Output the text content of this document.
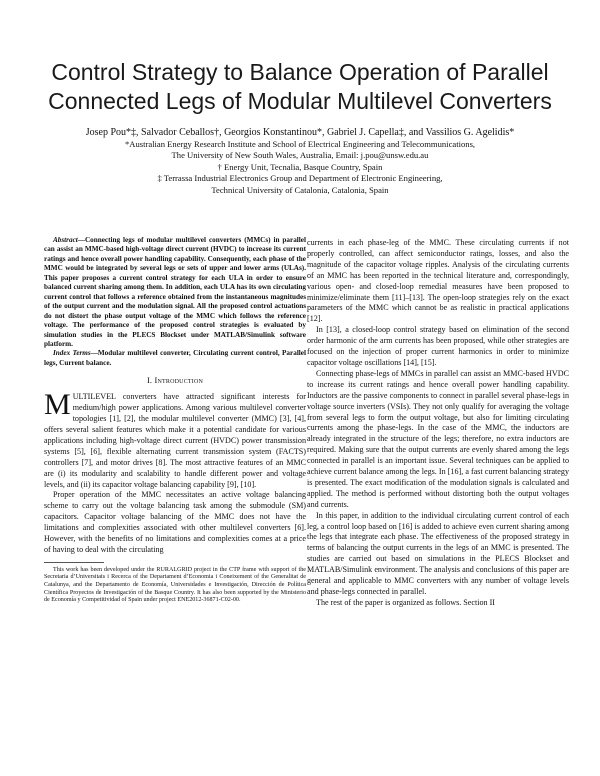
Control Strategy to Balance Operation of Parallel
Connected Legs of Modular Multilevel Converters
Josep Pou*‡, Salvador Ceballos†, Georgios Konstantinou*, Gabriel J. Capella‡, and Vassilios G. Agelidis*
*Australian Energy Research Institute and School of Electrical Engineering and Telecommunications,
The University of New South Wales, Australia, Email: j.pou@unsw.edu.au
† Energy Unit, Tecnalia, Basque Country, Spain
‡ Terrassa Industrial Electronics Group and Department of Electronic Engineering,
Technical University of Catalonia, Catalonia, Spain

Abstract—Connecting legs of modular multilevel converters (MMCs) in parallel can assist an MMC-based high-voltage direct current (HVDC) to increase its current ratings and hence overall power handling capability. Consequently, each phase of the MMC would be integrated by several legs or sets of upper and lower arms (ULAs). This paper proposes a current control strategy for each ULA in order to ensure balanced current sharing among them. In addition, each ULA has its own circulating current control that follows a reference obtained from the instantaneous magnitudes of the output current and the modulation signal. All the proposed control actuations do not distort the phase output voltage of the MMC which follows the reference voltage. The performance of the proposed control strategies is evaluated by simulation studies in the PLECS Blockset under MATLAB/Simulink software platform.

Index Terms—Modular multilevel converter, Circulating current control, Parallel legs, Current balance.

I. Introduction

MULTILEVEL converters have attracted significant interests for medium/high power applications. Among various multilevel converter topologies [1], [2], the modular multilevel converter (MMC) [3], [4], offers several salient features which make it a potential candidate for various applications including high-voltage direct current (HVDC) power transmission systems [5], [6], flexible alternating current transmission system (FACTS) controllers [7], and motor drives [8]. The most attractive features of an MMC are (i) its modularity and scalability to handle different power and voltage levels, and (ii) its capacitor voltage balancing capability [9], [10].

Proper operation of the MMC necessitates an active voltage balancing scheme to carry out the voltage balancing task among the submodule (SM) capacitors. Capacitor voltage balancing of the MMC does not have the limitations and complexities associated with other multilevel converters [6]. However, with the benefits of no limitations and complexities comes at a price of having to deal with the circulating

This work has been developed under the RURALGRID project in the CTP frame with support of the Secretaria d’Universitats i Recerca of the Departament d’Economia i Coneixement of the Generalitat de Catalunya, and the Departamento de Economía, Universidades e Investigación, Dirección de Política Científica Proyectos de Investigación of the Basque Country. It has also been supported by the Ministerio de Economía y Competitividad of Spain under project ENE2012-36871-C02-00.

currents in each phase-leg of the MMC. These circulating currents if not properly controlled, can affect semiconductor ratings, losses, and also the magnitude of the capacitor voltage ripples. Analysis of the circulating currents of an MMC has been reported in the technical literature and, correspondingly, various open- and closed-loop remedial measures have been proposed to minimize/eliminate them [11]–[13]. The open-loop strategies rely on the exact parameters of the MMC which cannot be as realistic in practical applications [12].

In [13], a closed-loop control strategy based on elimination of the second order harmonic of the arm currents has been proposed, while other strategies are focused on the injection of proper current harmonics in order to minimize capacitor voltage oscillations [14], [15].

Connecting phase-legs of MMCs in parallel can assist an MMC-based HVDC to increase its current ratings and hence overall power handling capability. Inductors are the passive components to connect in parallel several phase-legs in voltage source inverters (VSIs). They not only qualify for averaging the voltage from several legs to form the output voltage, but also for limiting circulating currents among the phase-legs. In the case of the MMC, the inductors are already integrated in the structure of the legs; therefore, no extra inductors are required. Making sure that the output currents are evenly shared among the legs connected in parallel is an important issue. Several techniques can be applied to achieve current balance among the legs. In [16], a fast current balancing strategy is presented. The exact modification of the modulation signals is calculated and applied. The method is performed without distorting both the output voltages and currents.

In this paper, in addition to the individual circulating current control of each leg, a control loop based on [16] is added to achieve even current sharing among the legs that integrate each phase. The effectiveness of the proposed strategy in terms of balancing the output currents in the legs of an MMC is presented. The studies are carried out based on simulations in the PLECS Blockset and MATLAB/Simulink environment. The analysis and conclusions of this paper are general and applicable to MMC converters with any number of voltage levels and phase-legs connected in parallel.

The rest of the paper is organized as follows. Section II
